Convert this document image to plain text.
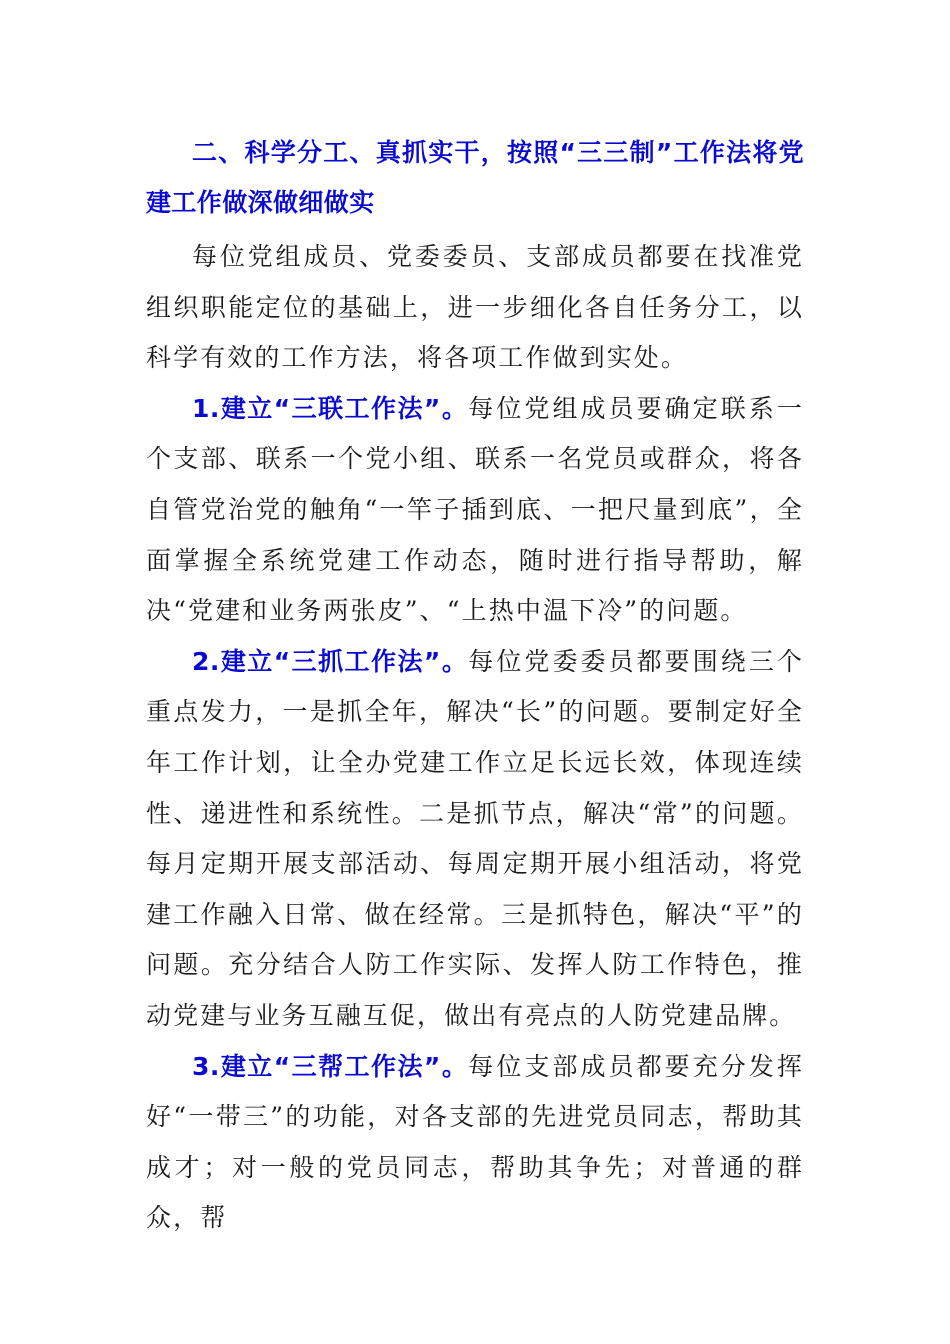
二、科学分工、真抓实干，按照“三三制”工作法将党建工作做深做细做实

每位党组成员、党委委员、支部成员都要在找准党组织职能定位的基础上，进一步细化各自任务分工，以科学有效的工作方法，将各项工作做到实处。

1.建立“三联工作法”。每位党组成员要确定联系一个支部、联系一个党小组、联系一名党员或群众，将各自管党治党的触角“一竿子插到底、一把尺量到底”，全面掌握全系统党建工作动态，随时进行指导帮助，解决“党建和业务两张皮”、“上热中温下冷”的问题。

2.建立“三抓工作法”。每位党委委员都要围绕三个重点发力，一是抓全年，解决“长”的问题。要制定好全年工作计划，让全办党建工作立足长远长效，体现连续性、递进性和系统性。二是抓节点，解决“常”的问题。每月定期开展支部活动、每周定期开展小组活动，将党建工作融入日常、做在经常。三是抓特色，解决“平”的问题。充分结合人防工作实际、发挥人防工作特色，推动党建与业务互融互促，做出有亮点的人防党建品牌。

3.建立“三帮工作法”。每位支部成员都要充分发挥好“一带三”的功能，对各支部的先进党员同志，帮助其成才；对一般的党员同志，帮助其争先；对普通的群众，帮
